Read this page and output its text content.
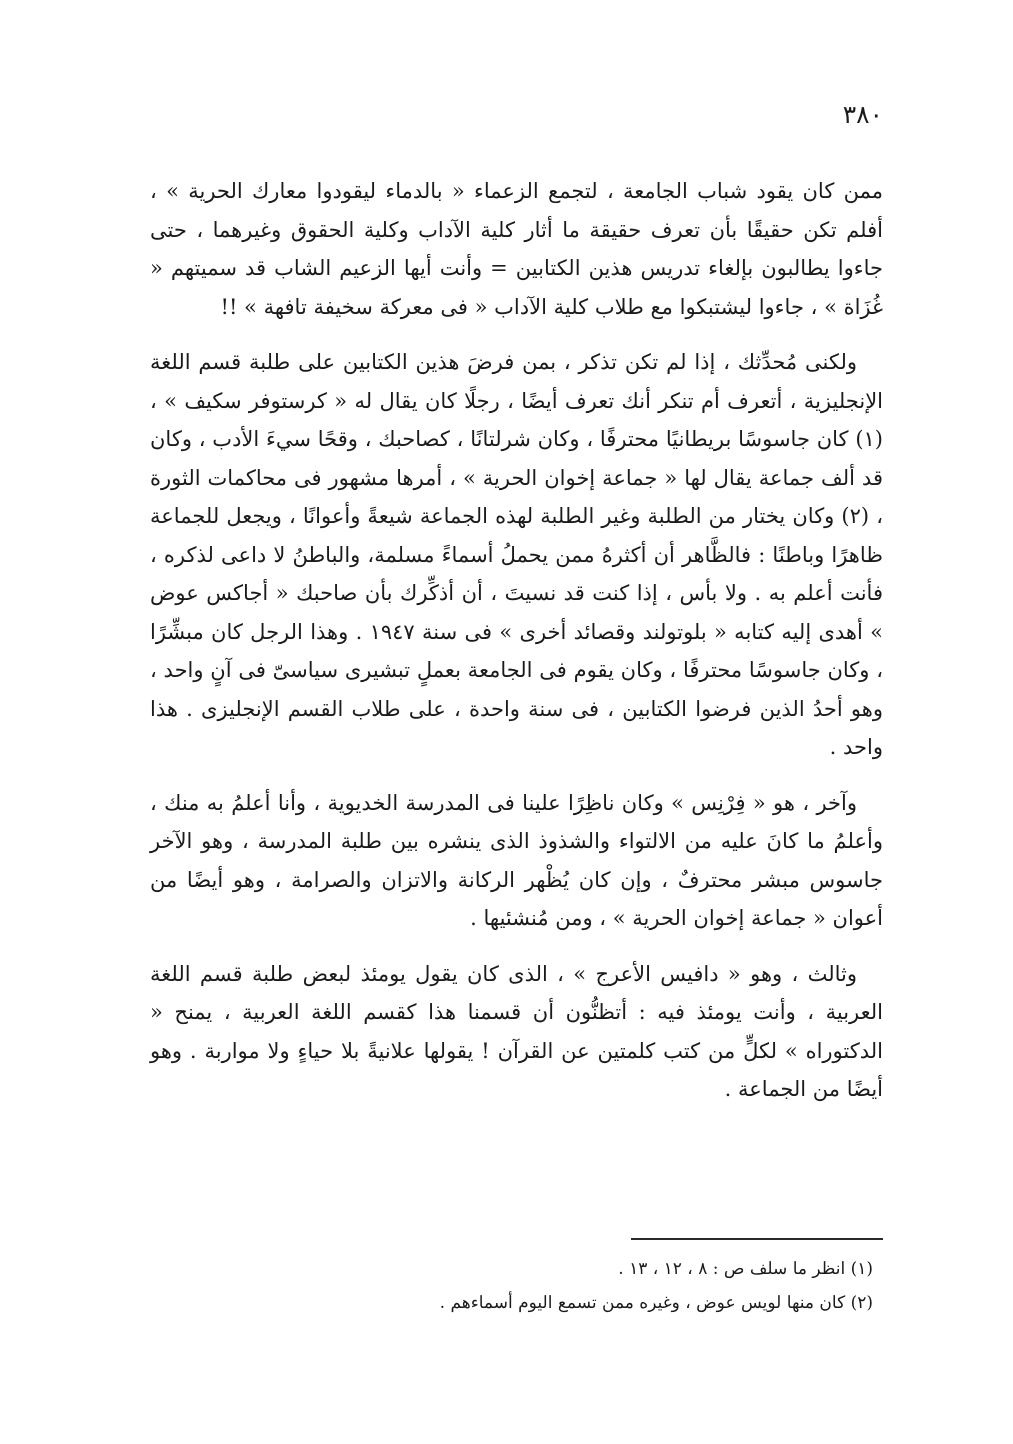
٣٨٠

ممن كان يقود شباب الجامعة ، لتجمع الزعماء « بالدماء ليقودوا معارك الحرية » ، أفلم تكن حقيقًا بأن تعرف حقيقة ما أثار كلية الآداب وكلية الحقوق وغيرهما ، حتى جاءوا يطالبون بإلغاء تدريس هذين الكتابين = وأنت أيها الزعيم الشاب قد سميتهم « غُزَاة » ، جاءوا ليشتبكوا مع طلاب كلية الآداب « فى معركة سخيفة تافهة » !!

ولكنى مُحدِّثك ، إذا لم تكن تذكر ، بمن فرضَ هذين الكتابين على طلبة قسم اللغة الإنجليزية ، أتعرف أم تنكر أنك تعرف أيضًا ، رجلًا كان يقال له « كرستوفر سكيف » ، (١) كان جاسوسًا بريطانيًا محترفًا ، وكان شرلتانًا ، كصاحبك ، وقحًا سيءَ الأدب ، وكان قد ألف جماعة يقال لها « جماعة إخوان الحرية » ، أمرها مشهور فى محاكمات الثورة ، (٢) وكان يختار من الطلبة وغير الطلبة لهذه الجماعة شيعةً وأعوانًا ، ويجعل للجماعة ظاهرًا وباطنًا : فالظَّاهر أن أكثرهُ ممن يحملُ أسماءً مسلمة، والباطنُ لا داعى لذكره ، فأنت أعلم به . ولا بأس ، إذا كنت قد نسيتَ ، أن أذكِّرك بأن صاحبك « أجاكس عوض » أهدى إليه كتابه « بلوتولند وقصائد أخرى » فى سنة ١٩٤٧ . وهذا الرجل كان مبشِّرًا ، وكان جاسوسًا محترفًا ، وكان يقوم فى الجامعة بعملٍ تبشيرى سياسىّ فى آنٍ واحد ، وهو أحدُ الذين فرضوا الكتابين ، فى سنة واحدة ، على طلاب القسم الإنجليزى . هذا واحد .

وآخر ، هو « فِرْنِس » وكان ناظِرًا علينا فى المدرسة الخديوية ، وأنا أعلمُ به منك ، وأعلمُ ما كانَ عليه من الالتواء والشذوذ الذى ينشره بين طلبة المدرسة ، وهو الآخر جاسوس مبشر محترفٌ ، وإن كان يُظْهر الركانة والاتزان والصرامة ، وهو أيضًا من أعوان « جماعة إخوان الحرية » ، ومن مُنشئيها .

وثالث ، وهو « دافيس الأعرج » ، الذى كان يقول يومئذ لبعض طلبة قسم اللغة العربية ، وأنت يومئذ فيه : أتظنُّون أن قسمنا هذا كقسم اللغة العربية ، يمنح « الدكتوراه » لكلٍّ من كتب كلمتين عن القرآن ! يقولها علانيةً بلا حياءٍ ولا مواربة . وهو أيضًا من الجماعة .

(١) انظر ما سلف ص : ٨ ، ١٢ ، ١٣ .

(٢) كان منها لويس عوض ، وغيره ممن تسمع اليوم أسماءهم .
